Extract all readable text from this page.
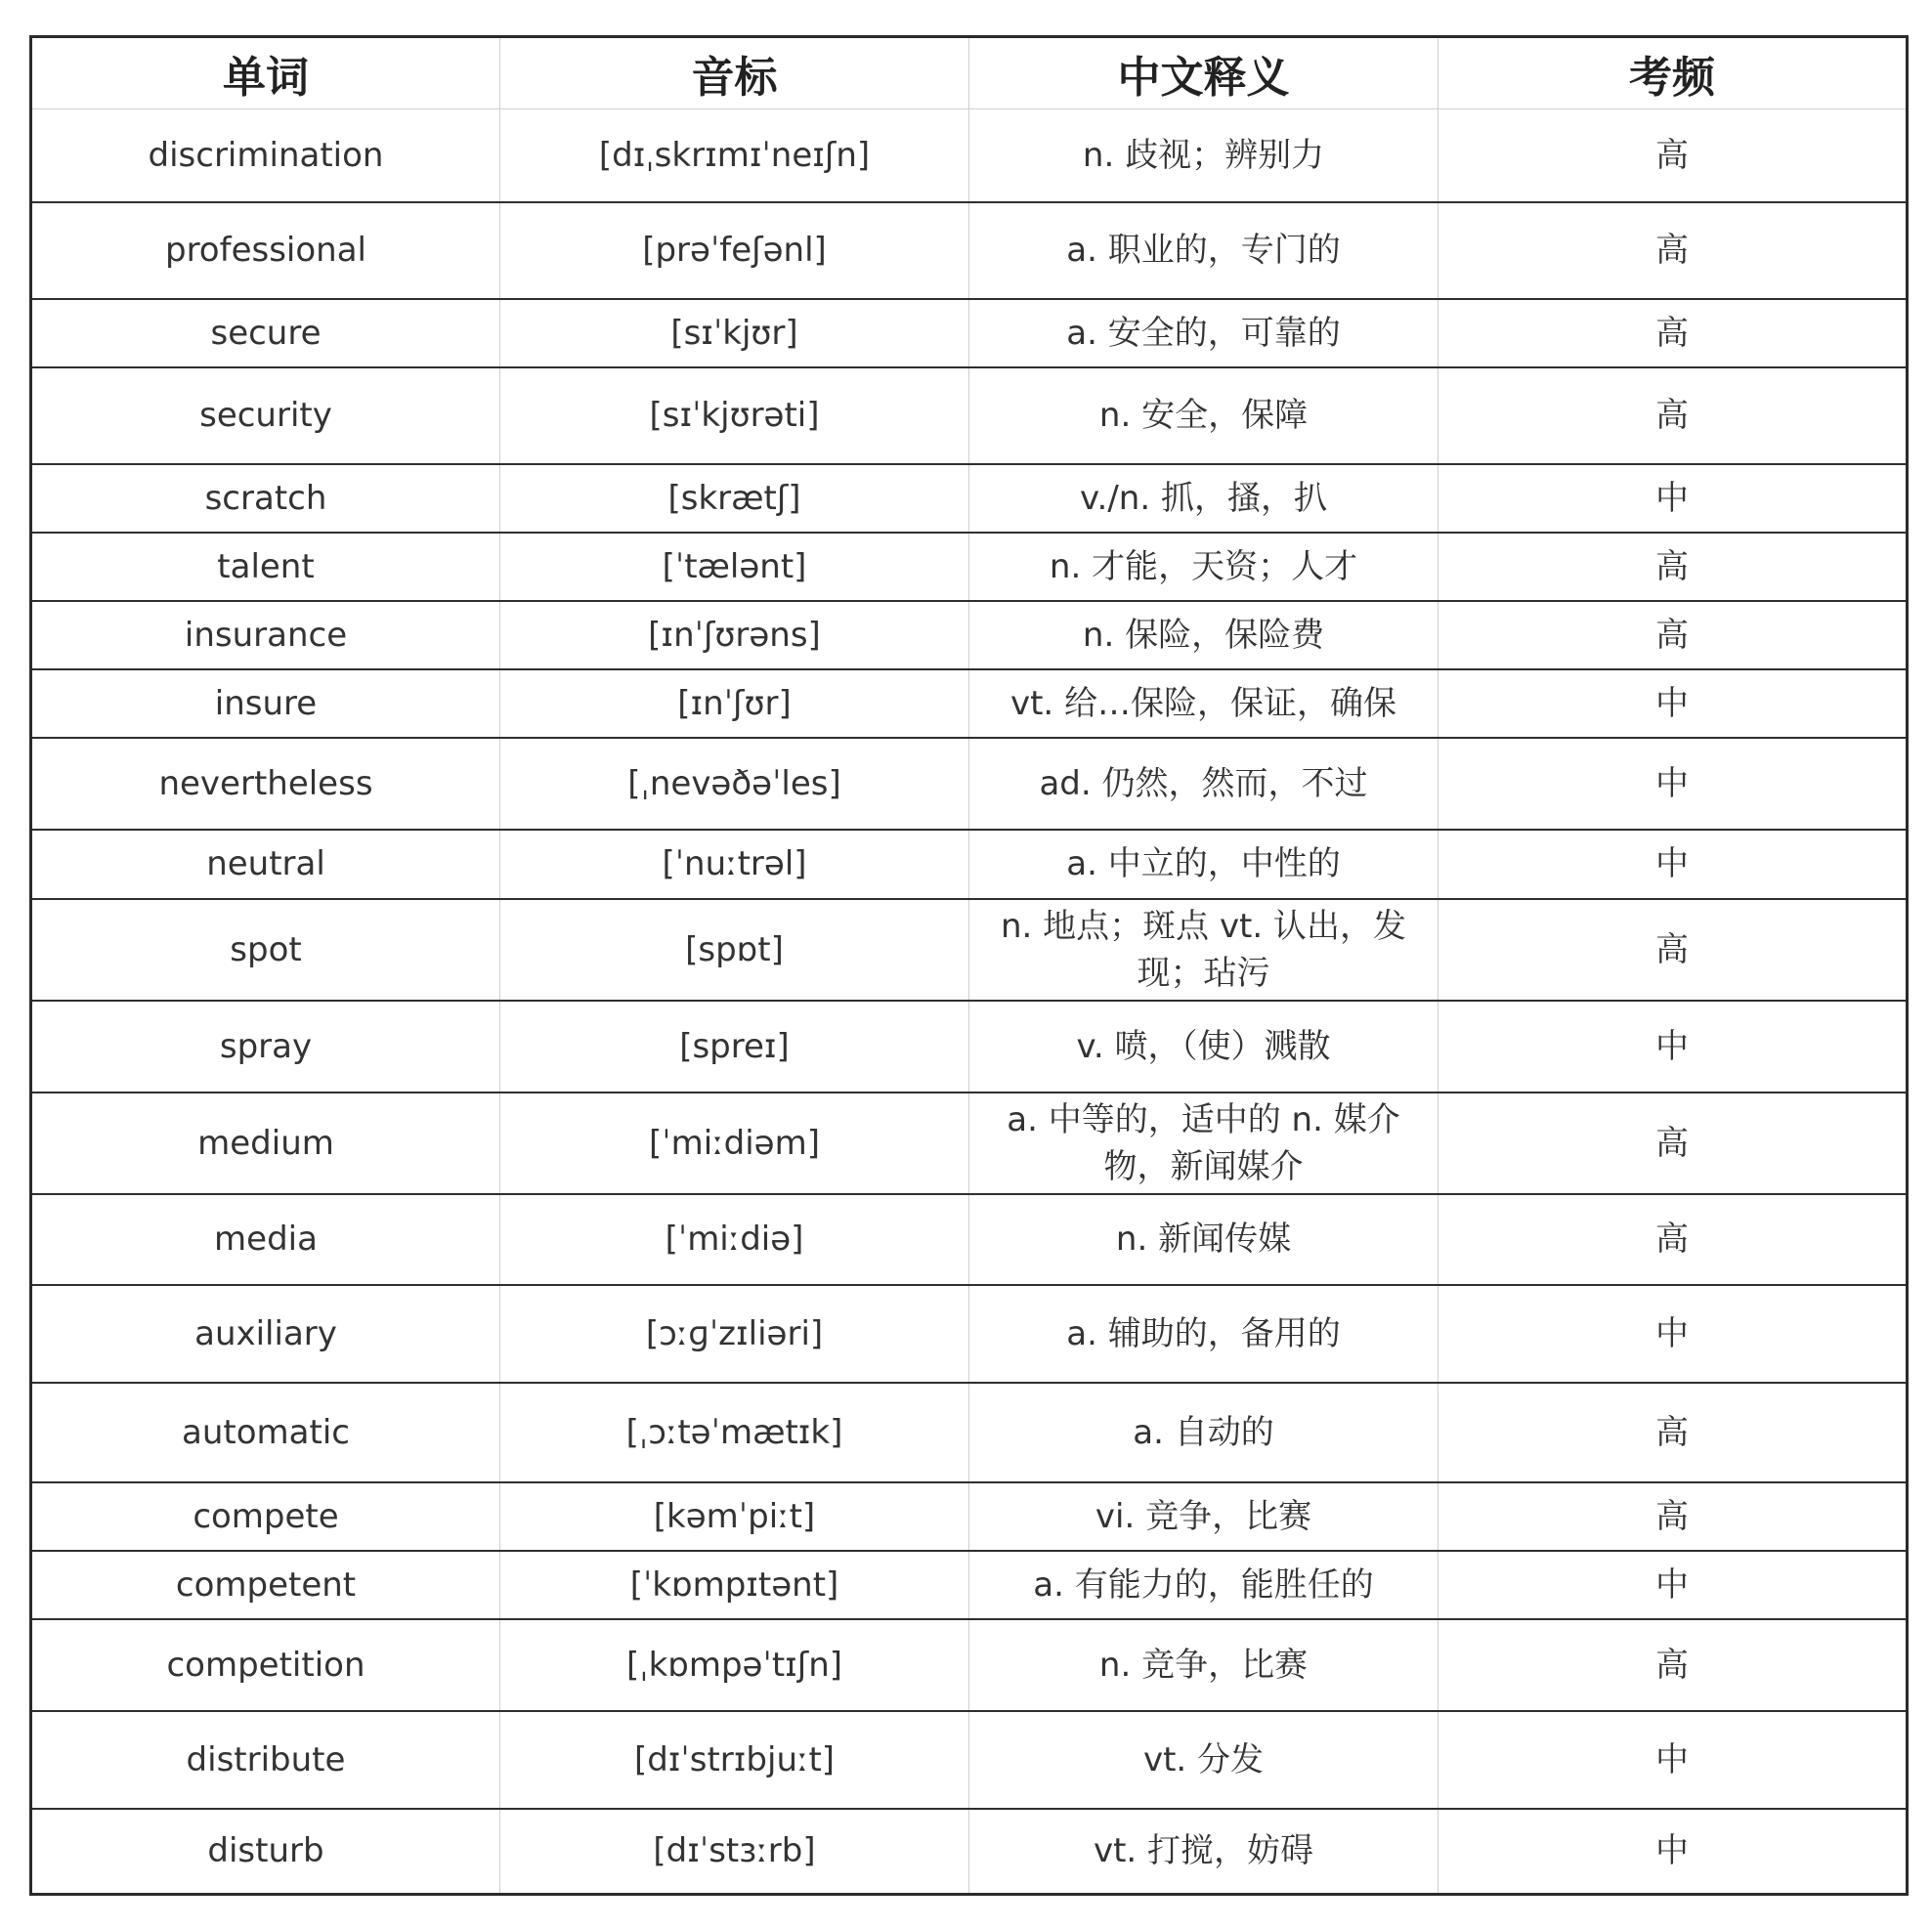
单词	音标	中文释义	考频
discrimination	[dɪˌskrɪmɪˈneɪʃn]	n. 歧视；辨别力	高
professional	[prəˈfeʃənl]	a. 职业的，专门的	高
secure	[sɪˈkjʊr]	a. 安全的，可靠的	高
security	[sɪˈkjʊrəti]	n. 安全，保障	高
scratch	[skrætʃ]	v./n. 抓，搔，扒	中
talent	[ˈtælənt]	n. 才能，天资；人才	高
insurance	[ɪnˈʃʊrəns]	n. 保险，保险费	高
insure	[ɪnˈʃʊr]	vt. 给…保险，保证，确保	中
nevertheless	[ˌnevəðəˈles]	ad. 仍然，然而，不过	中
neutral	[ˈnuːtrəl]	a. 中立的，中性的	中
spot	[spɒt]	n. 地点；斑点 vt. 认出，发现；玷污	高
spray	[spreɪ]	v. 喷，（使）溅散	中
medium	[ˈmiːdiəm]	a. 中等的，适中的 n. 媒介物，新闻媒介	高
media	[ˈmiːdiə]	n. 新闻传媒	高
auxiliary	[ɔːɡˈzɪliəri]	a. 辅助的，备用的	中
automatic	[ˌɔːtəˈmætɪk]	a. 自动的	高
compete	[kəmˈpiːt]	vi. 竞争，比赛	高
competent	[ˈkɒmpɪtənt]	a. 有能力的，能胜任的	中
competition	[ˌkɒmpəˈtɪʃn]	n. 竞争，比赛	高
distribute	[dɪˈstrɪbjuːt]	vt. 分发	中
disturb	[dɪˈstɜːrb]	vt. 打搅，妨碍	中
